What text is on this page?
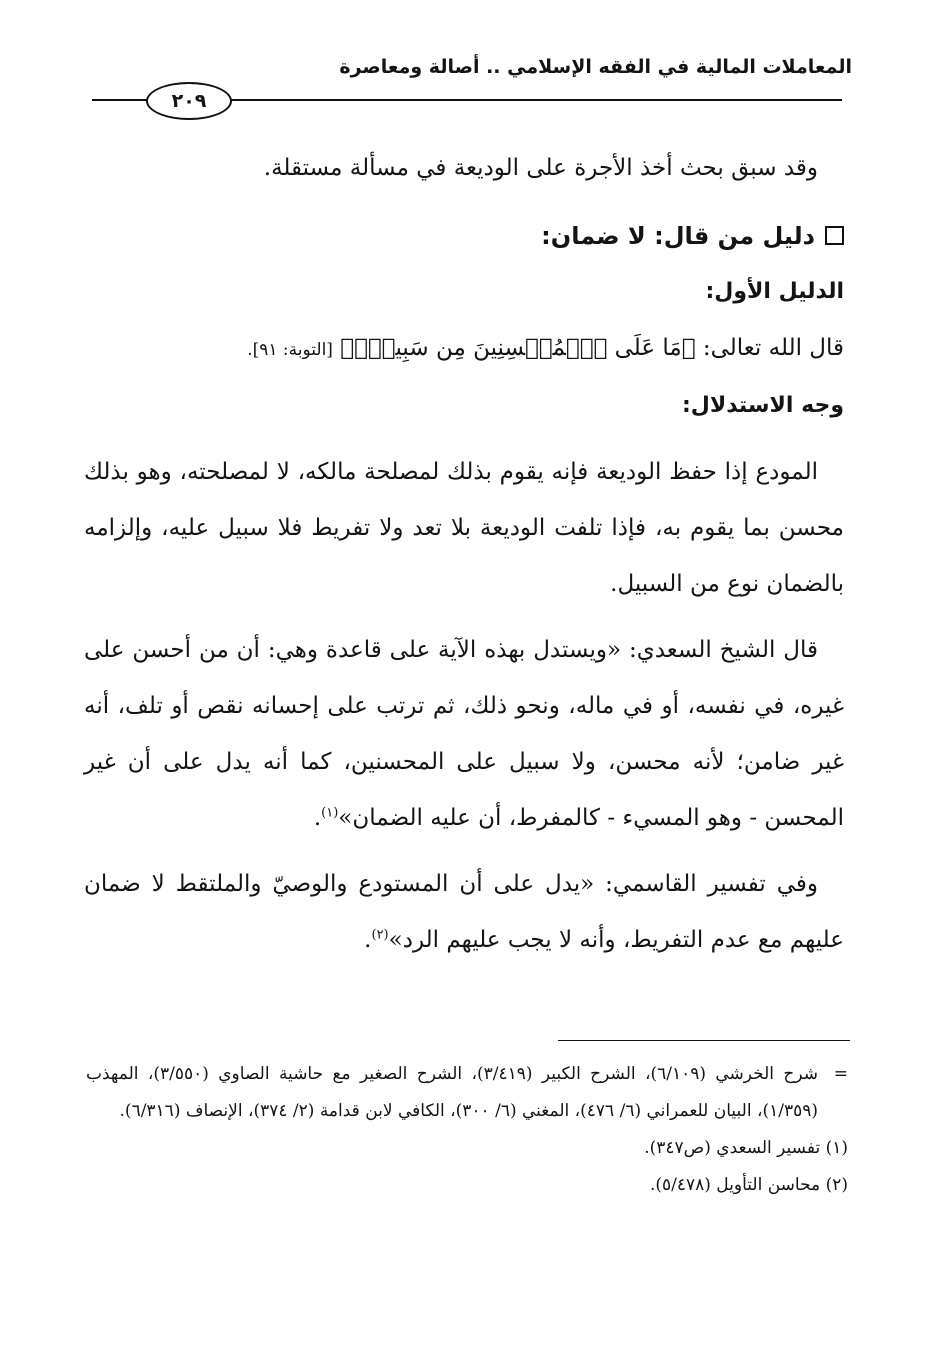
المعاملات المالية في الفقه الإسلامي .. أصالة ومعاصرة
٢٠٩

وقد سبق بحث أخذ الأجرة على الوديعة في مسألة مستقلة.

دليل من قال: لا ضمان:

الدليل الأول:

قال الله تعالى: ﴿مَا عَلَى ٱلۡمُحۡسِنِينَ مِن سَبِيلٖۚ﴾ [التوبة: ٩١].

وجه الاستدلال:

المودع إذا حفظ الوديعة فإنه يقوم بذلك لمصلحة مالكه، لا لمصلحته، وهو بذلك محسن بما يقوم به، فإذا تلفت الوديعة بلا تعد ولا تفريط فلا سبيل عليه، وإلزامه بالضمان نوع من السبيل.

قال الشيخ السعدي: «ويستدل بهذه الآية على قاعدة وهي: أن من أحسن على غيره، في نفسه، أو في ماله، ونحو ذلك، ثم ترتب على إحسانه نقص أو تلف، أنه غير ضامن؛ لأنه محسن، ولا سبيل على المحسنين، كما أنه يدل على أن غير المحسن - وهو المسيء - كالمفرط، أن عليه الضمان»$^{(١)}$.

وفي تفسير القاسمي: «يدل على أن المستودع والوصيّ والملتقط لا ضمان عليهم مع عدم التفريط، وأنه لا يجب عليهم الرد»$^{(٢)}$.

=شرح الخرشي (٦/١٠٩)، الشرح الكبير (٣/٤١٩)، الشرح الصغير مع حاشية الصاوي (٣/٥٥٠)، المهذب (١/٣٥٩)، البيان للعمراني (٦/ ٤٧٦)، المغني (٦/ ٣٠٠)، الكافي لابن قدامة (٢/ ٣٧٤)، الإنصاف (٦/٣١٦).

(١) تفسير السعدي (ص٣٤٧).

(٢) محاسن التأويل (٥/٤٧٨).
